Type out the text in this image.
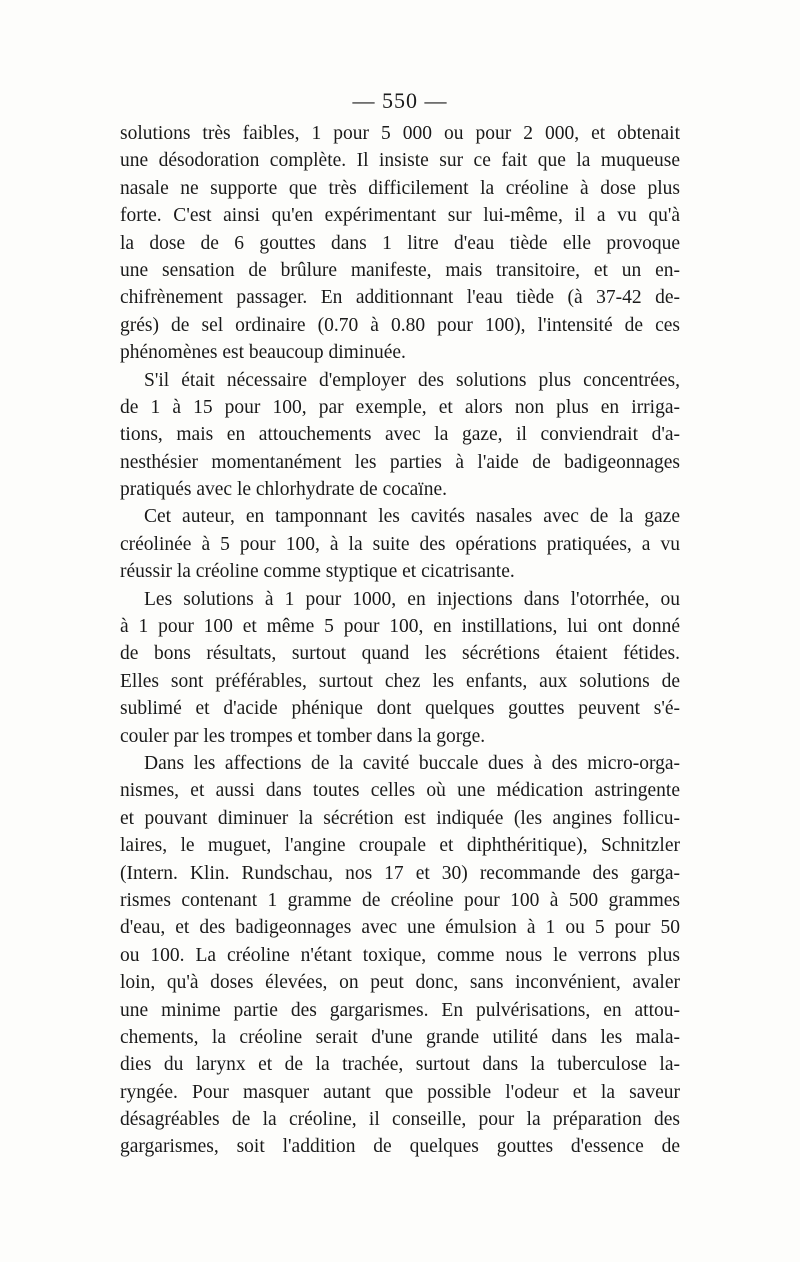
— 550 —
solutions très faibles, 1 pour 5 000 ou pour 2 000, et obtenait
une désodoration complète. Il insiste sur ce fait que la muqueuse
nasale ne supporte que très difficilement la créoline à dose plus
forte. C'est ainsi qu'en expérimentant sur lui-même, il a vu qu'à
la dose de 6 gouttes dans 1 litre d'eau tiède elle provoque
une sensation de brûlure manifeste, mais transitoire, et un en-
chifrènement passager. En additionnant l'eau tiède (à 37-42 de-
grés) de sel ordinaire (0.70 à 0.80 pour 100), l'intensité de ces
phénomènes est beaucoup diminuée.
S'il était nécessaire d'employer des solutions plus concentrées,
de 1 à 15 pour 100, par exemple, et alors non plus en irriga-
tions, mais en attouchements avec la gaze, il conviendrait d'a-
nesthésier momentanément les parties à l'aide de badigeonnages
pratiqués avec le chlorhydrate de cocaïne.
Cet auteur, en tamponnant les cavités nasales avec de la gaze
créolinée à 5 pour 100, à la suite des opérations pratiquées, a vu
réussir la créoline comme styptique et cicatrisante.
Les solutions à 1 pour 1000, en injections dans l'otorrhée, ou
à 1 pour 100 et même 5 pour 100, en instillations, lui ont donné
de bons résultats, surtout quand les sécrétions étaient fétides.
Elles sont préférables, surtout chez les enfants, aux solutions de
sublimé et d'acide phénique dont quelques gouttes peuvent s'é-
couler par les trompes et tomber dans la gorge.
Dans les affections de la cavité buccale dues à des micro-orga-
nismes, et aussi dans toutes celles où une médication astringente
et pouvant diminuer la sécrétion est indiquée (les angines follicu-
laires, le muguet, l'angine croupale et diphthéritique), Schnitzler
(Intern. Klin. Rundschau, nos 17 et 30) recommande des garga-
rismes contenant 1 gramme de créoline pour 100 à 500 grammes
d'eau, et des badigeonnages avec une émulsion à 1 ou 5 pour 50
ou 100. La créoline n'étant toxique, comme nous le verrons plus
loin, qu'à doses élevées, on peut donc, sans inconvénient, avaler
une minime partie des gargarismes. En pulvérisations, en attou-
chements, la créoline serait d'une grande utilité dans les mala-
dies du larynx et de la trachée, surtout dans la tuberculose la-
ryngée. Pour masquer autant que possible l'odeur et la saveur
désagréables de la créoline, il conseille, pour la préparation des
gargarismes, soit l'addition de quelques gouttes d'essence de
